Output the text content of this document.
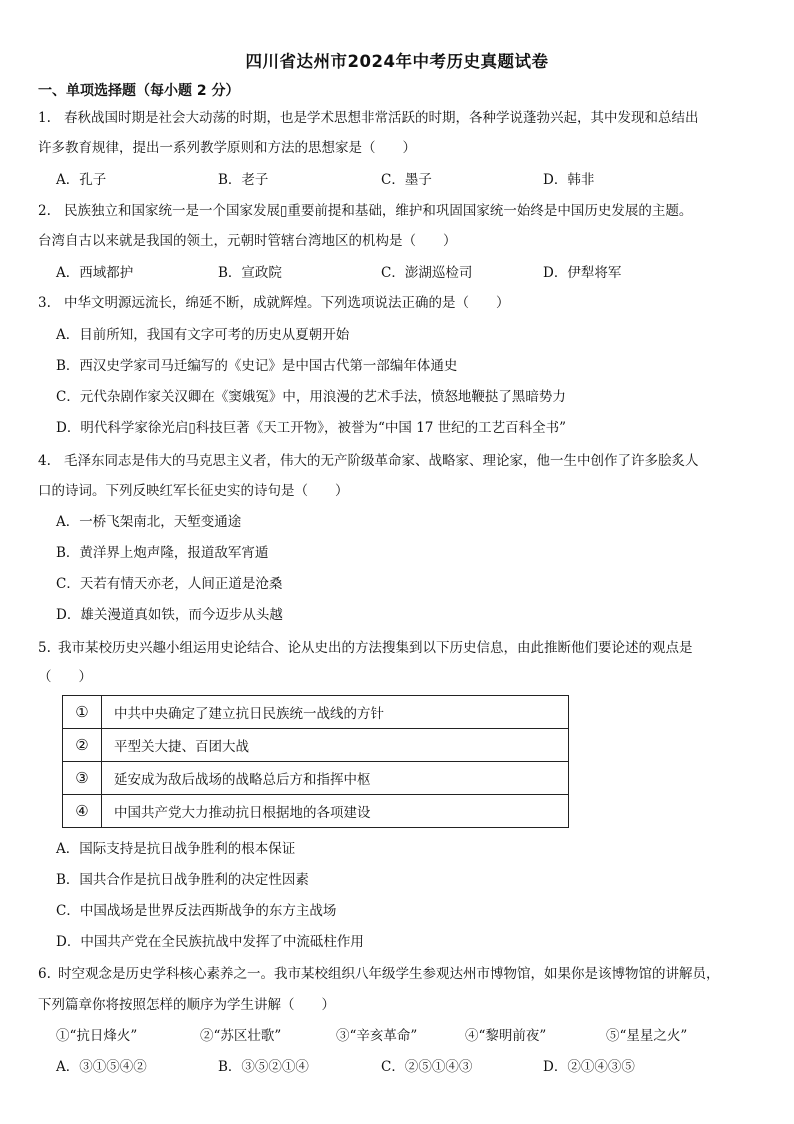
四川省达州市2024年中考历史真题试卷
一、单项选择题（每小题 2 分）
1. 春秋战国时期是社会大动荡的时期，也是学术思想非常活跃的时期，各种学说蓬勃兴起，其中发现和总结出
许多教育规律，提出一系列教学原则和方法的思想家是（　　）
A．孔子	B．老子	C．墨子	D．韩非
2. 民族独立和国家统一是一个国家发展▯重要前提和基础，维护和巩固国家统一始终是中国历史发展的主题。
台湾自古以来就是我国的领土，元朝时管辖台湾地区的机构是（　　）
A．西域都护	B．宣政院	C．澎湖巡检司	D．伊犁将军
3. 中华文明源远流长，绵延不断，成就辉煌。下列选项说法正确的是（　　）
A．目前所知，我国有文字可考的历史从夏朝开始
B．西汉史学家司马迁编写的《史记》是中国古代第一部编年体通史
C．元代杂剧作家关汉卿在《窦娥冤》中，用浪漫的艺术手法，愤怒地鞭挞了黑暗势力
D．明代科学家徐光启▯科技巨著《天工开物》，被誉为“中国 17 世纪的工艺百科全书”
4. 毛泽东同志是伟大的马克思主义者，伟大的无产阶级革命家、战略家、理论家，他一生中创作了许多脍炙人
口的诗词。下列反映红军长征史实的诗句是（　　）
A．一桥飞架南北，天堑变通途
B．黄洋界上炮声隆，报道敌军宵遁
C．天若有情天亦老，人间正道是沧桑
D．雄关漫道真如铁，而今迈步从头越
5. 我市某校历史兴趣小组运用史论结合、论从史出的方法搜集到以下历史信息，由此推断他们要论述的观点是
（　　）
①	中共中央确定了建立抗日民族统一战线的方针
②	平型关大捷、百团大战
③	延安成为敌后战场的战略总后方和指挥中枢
④	中国共产党大力推动抗日根据地的各项建设
A．国际支持是抗日战争胜利的根本保证
B．国共合作是抗日战争胜利的决定性因素
C．中国战场是世界反法西斯战争的东方主战场
D．中国共产党在全民族抗战中发挥了中流砥柱作用
6. 时空观念是历史学科核心素养之一。我市某校组织八年级学生参观达州市博物馆，如果你是该博物馆的讲解员，
下列篇章你将按照怎样的顺序为学生讲解（　　）
①“抗日烽火”	②“苏区壮歌”	③“辛亥革命”	④“黎明前夜”	⑤“星星之火”
A．③①⑤④②	B．③⑤②①④	C．②⑤①④③	D．②①④③⑤
